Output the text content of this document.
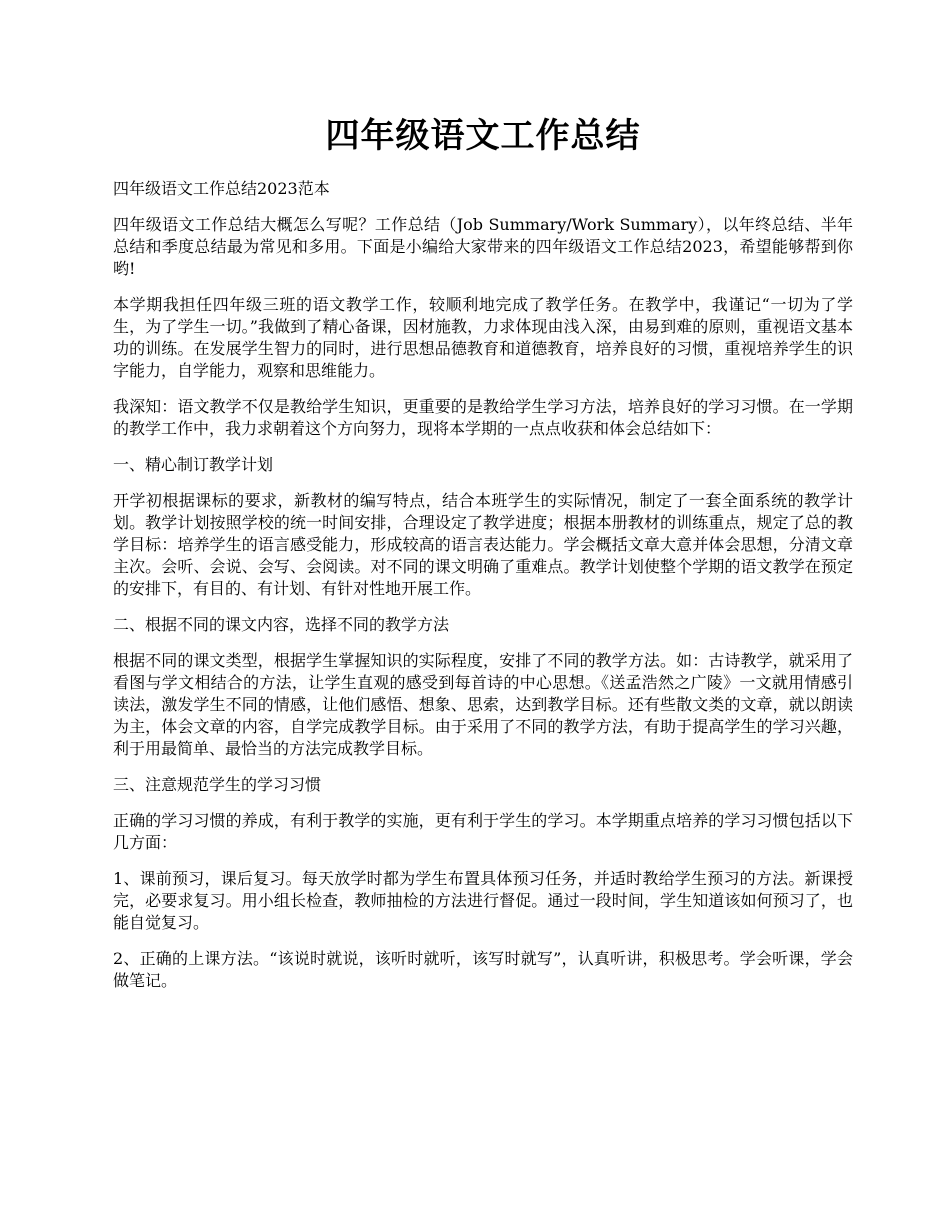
四年级语文工作总结

四年级语文工作总结2023范本

四年级语文工作总结大概怎么写呢？工作总结（Job Summary/Work Summary），以年终总结、半年总结和季度总结最为常见和多用。下面是小编给大家带来的四年级语文工作总结2023，希望能够帮到你哟!

本学期我担任四年级三班的语文教学工作，较顺利地完成了教学任务。在教学中，我谨记“一切为了学生，为了学生一切。”我做到了精心备课，因材施教，力求体现由浅入深，由易到难的原则，重视语文基本功的训练。在发展学生智力的同时，进行思想品德教育和道德教育，培养良好的习惯，重视培养学生的识字能力，自学能力，观察和思维能力。

我深知：语文教学不仅是教给学生知识，更重要的是教给学生学习方法，培养良好的学习习惯。在一学期的教学工作中，我力求朝着这个方向努力，现将本学期的一点点收获和体会总结如下：

一、精心制订教学计划

开学初根据课标的要求，新教材的编写特点，结合本班学生的实际情况，制定了一套全面系统的教学计划。教学计划按照学校的统一时间安排，合理设定了教学进度；根据本册教材的训练重点，规定了总的教学目标：培养学生的语言感受能力，形成较高的语言表达能力。学会概括文章大意并体会思想，分清文章主次。会听、会说、会写、会阅读。对不同的课文明确了重难点。教学计划使整个学期的语文教学在预定的安排下，有目的、有计划、有针对性地开展工作。

二、根据不同的课文内容，选择不同的教学方法

根据不同的课文类型，根据学生掌握知识的实际程度，安排了不同的教学方法。如：古诗教学，就采用了看图与学文相结合的方法，让学生直观的感受到每首诗的中心思想。《送孟浩然之广陵》一文就用情感引读法，激发学生不同的情感，让他们感悟、想象、思索，达到教学目标。还有些散文类的文章，就以朗读为主，体会文章的内容，自学完成教学目标。由于采用了不同的教学方法，有助于提高学生的学习兴趣，利于用最简单、最恰当的方法完成教学目标。

三、注意规范学生的学习习惯

正确的学习习惯的养成，有利于教学的实施，更有利于学生的学习。本学期重点培养的学习习惯包括以下几方面：

1、课前预习，课后复习。每天放学时都为学生布置具体预习任务，并适时教给学生预习的方法。新课授完，必要求复习。用小组长检查，教师抽检的方法进行督促。通过一段时间，学生知道该如何预习了，也能自觉复习。

2、正确的上课方法。“该说时就说，该听时就听，该写时就写”，认真听讲，积极思考。学会听课，学会做笔记。
